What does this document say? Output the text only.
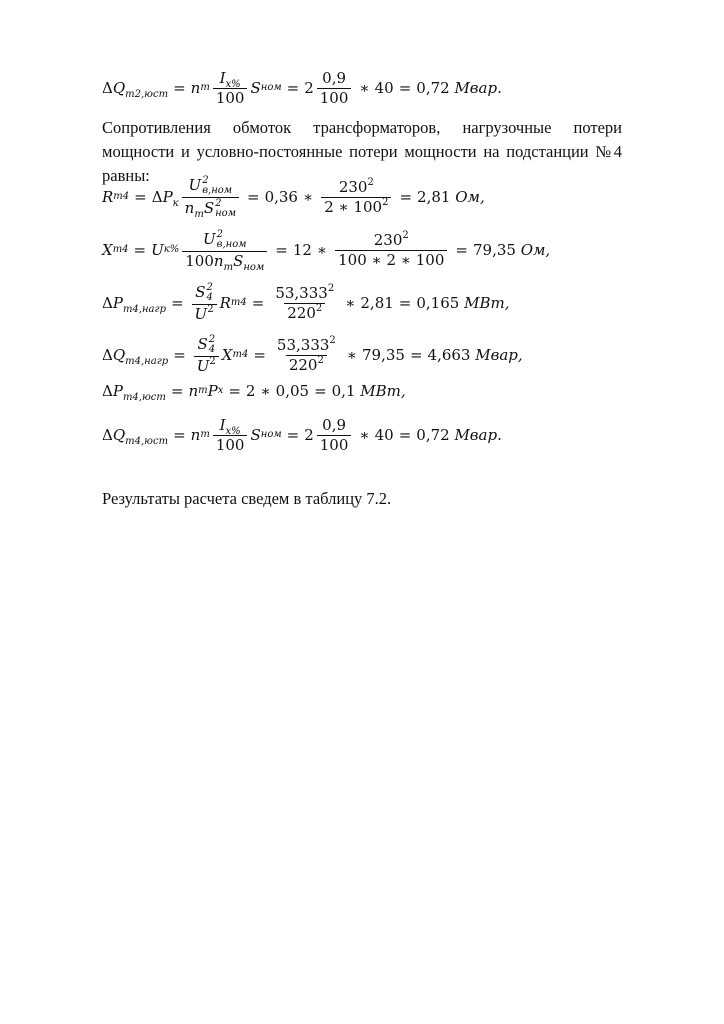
$\Delta Q_{т2,юст} = n$ т $\frac{I_{x\%}}{100}$ S ном = $2 \frac{0,9}{100}$ ∗ 40 = 0,72 Мвар.
Сопротивления обмоток трансформаторов, нагрузочные потери мощности и условно-постоянные потери мощности на подстанции №4 равны:
R $т4 = \Delta P_к$ U 2
в,ном
$n_тS$ 2
ном = 0,36 ∗ $\frac{230^2}{2 ∗ 100^2} = 2,81$ Ом,
X т4 = U к% U 2
в,ном
$100n_тS_{ном} = 12$ ∗ $\frac{230^2}{100 ∗ 2 ∗ 100} = 79,35$ Ом,
$\Delta P_{т4,нагр} = S$ 2
4
$U^2$ R $т4 = \frac{53,333^2}{220^2}$ ∗ 2,81 = 0,165 МВт,
$\Delta Q_{т4,нагр} = S$ 2
4
$U^2$ X $т4 = \frac{53,333^2}{220^2}$ ∗ 79,35 = 4,663 Мвар,
$\Delta P_{т4,юст} = n$ т P x = 2 ∗ 0,05 = 0,1 МВт,
$\Delta Q_{т4,юст} = n$ т $\frac{I_{x\%}}{100}$ S ном = $2 \frac{0,9}{100}$ ∗ 40 = 0,72 Мвар.
Результаты расчета сведем в таблицу 7.2.
